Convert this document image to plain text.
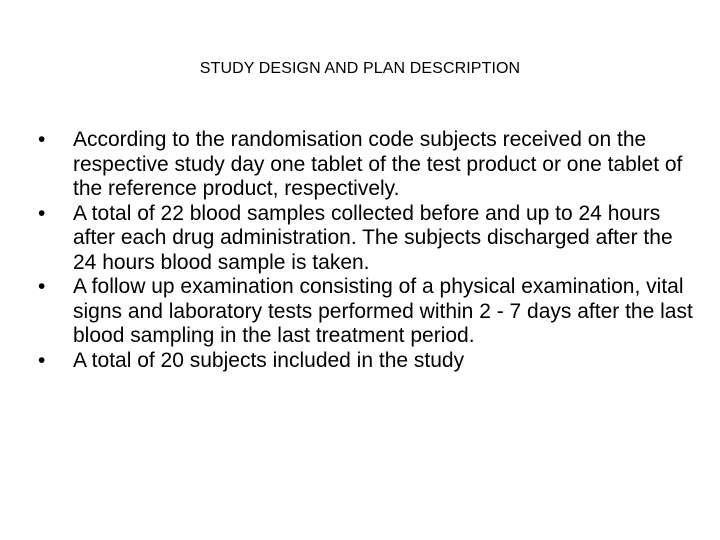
STUDY DESIGN AND PLAN DESCRIPTION
•	According to the randomisation code subjects received on the respective study day one tablet of the test product or one tablet of the reference product, respectively.
•	A total of 22 blood samples collected before and up to 24 hours after each drug administration. The subjects discharged after the 24 hours blood sample is taken.
•	A follow up examination consisting of a physical examination, vital signs and laboratory tests performed within 2 - 7 days after the last blood sampling in the last treatment period.
•	A total of 20 subjects included in the study
